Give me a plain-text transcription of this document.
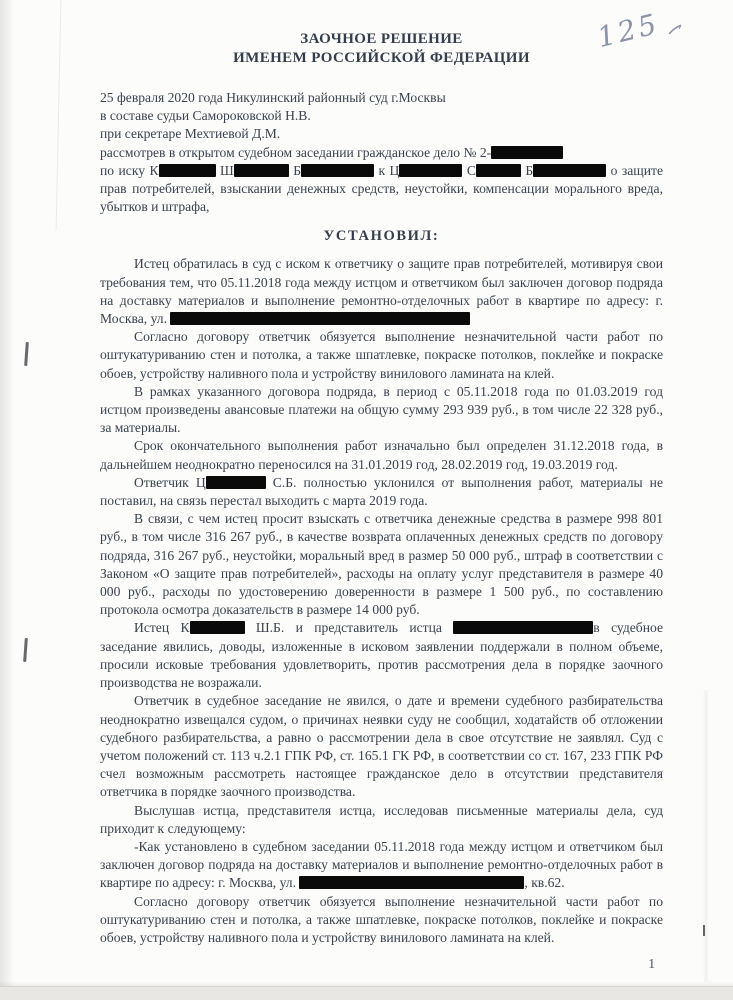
125
ЗАОЧНОЕ РЕШЕНИЕ
ИМЕНЕМ РОССИЙСКОЙ ФЕДЕРАЦИИ
25 февраля 2020 года Никулинский районный суд г.Москвы
в составе судьи Самороковской Н.В.
при секретаре Мехтиевой Д.М.
рассмотрев в открытом судебном заседании гражданское дело № 2-

по иску К	Ш	Б	к Ц	С	Б	о защите прав потребителей, взыскании денежных средств, неустойки, компенсации морального вреда, убытков и штрафа,

УСТАНОВИЛ:

Истец обратилась в суд с иском к ответчику о защите прав потребителей, мотивируя свои требования тем, что 05.11.2018 года между истцом и ответчиком был заключен договор подряда на доставку материалов и выполнение ремонтно-отделочных работ в квартире по адресу: г. Москва, ул.

Согласно договору ответчик обязуется выполнение незначительной части работ по оштукатуриванию стен и потолка, а также шпатлевке, покраске потолков, поклейке и покраске обоев, устройству наливного пола и устройству винилового ламината на клей.

В рамках указанного договора подряда, в период с 05.11.2018 года по 01.03.2019 год истцом произведены авансовые платежи на общую сумму 293 939 руб., в том числе 22 328 руб., за материалы.

Срок окончательного выполнения работ изначально был определен 31.12.2018 года, в дальнейшем неоднократно переносился на 31.01.2019 год, 28.02.2019 год, 19.03.2019 год.

Ответчик Ц	С.Б. полностью уклонился от выполнения работ, материалы не поставил, на связь перестал выходить с марта 2019 года.

В связи, с чем истец просит взыскать с ответчика денежные средства в размере 998 801 руб., в том числе 316 267 руб., в качестве возврата оплаченных денежных средств по договору подряда, 316 267 руб., неустойки, моральный вред в размер 50 000 руб., штраф в соответствии с Законом «О защите прав потребителей», расходы на оплату услуг представителя в размере 40 000 руб., расходы по удостоверению доверенности в размере 1 500 руб., по составлению протокола осмотра доказательств в размере 14 000 руб.

Истец К	Ш.Б. и представитель истца	в судебное заседание явились, доводы, изложенные в исковом заявлении поддержали в полном объеме, просили исковые требования удовлетворить, против рассмотрения дела в порядке заочного производства не возражали.

Ответчик в судебное заседание не явился, о дате и времени судебного разбирательства неоднократно извещался судом, о причинах неявки суду не сообщил, ходатайств об отложении судебного разбирательства, а равно о рассмотрении дела в свое отсутствие не заявлял. Суд с учетом положений ст. 113 ч.2.1 ГПК РФ, ст. 165.1 ГК РФ, в соответствии со ст. 167, 233 ГПК РФ счел возможным рассмотреть настоящее гражданское дело в отсутствии представителя ответчика в порядке заочного производства.

Выслушав истца, представителя истца, исследовав письменные материалы дела, суд приходит к следующему:

-Как установлено в судебном заседании 05.11.2018 года между истцом и ответчиком был заключен договор подряда на доставку материалов и выполнение ремонтно-отделочных работ в квартире по адресу: г. Москва, ул.	, кв.62.

Согласно договору ответчик обязуется выполнение незначительной части работ по оштукатуриванию стен и потолка, а также шпатлевке, покраске потолков, поклейке и покраске обоев, устройству наливного пола и устройству винилового ламината на клей.

1
